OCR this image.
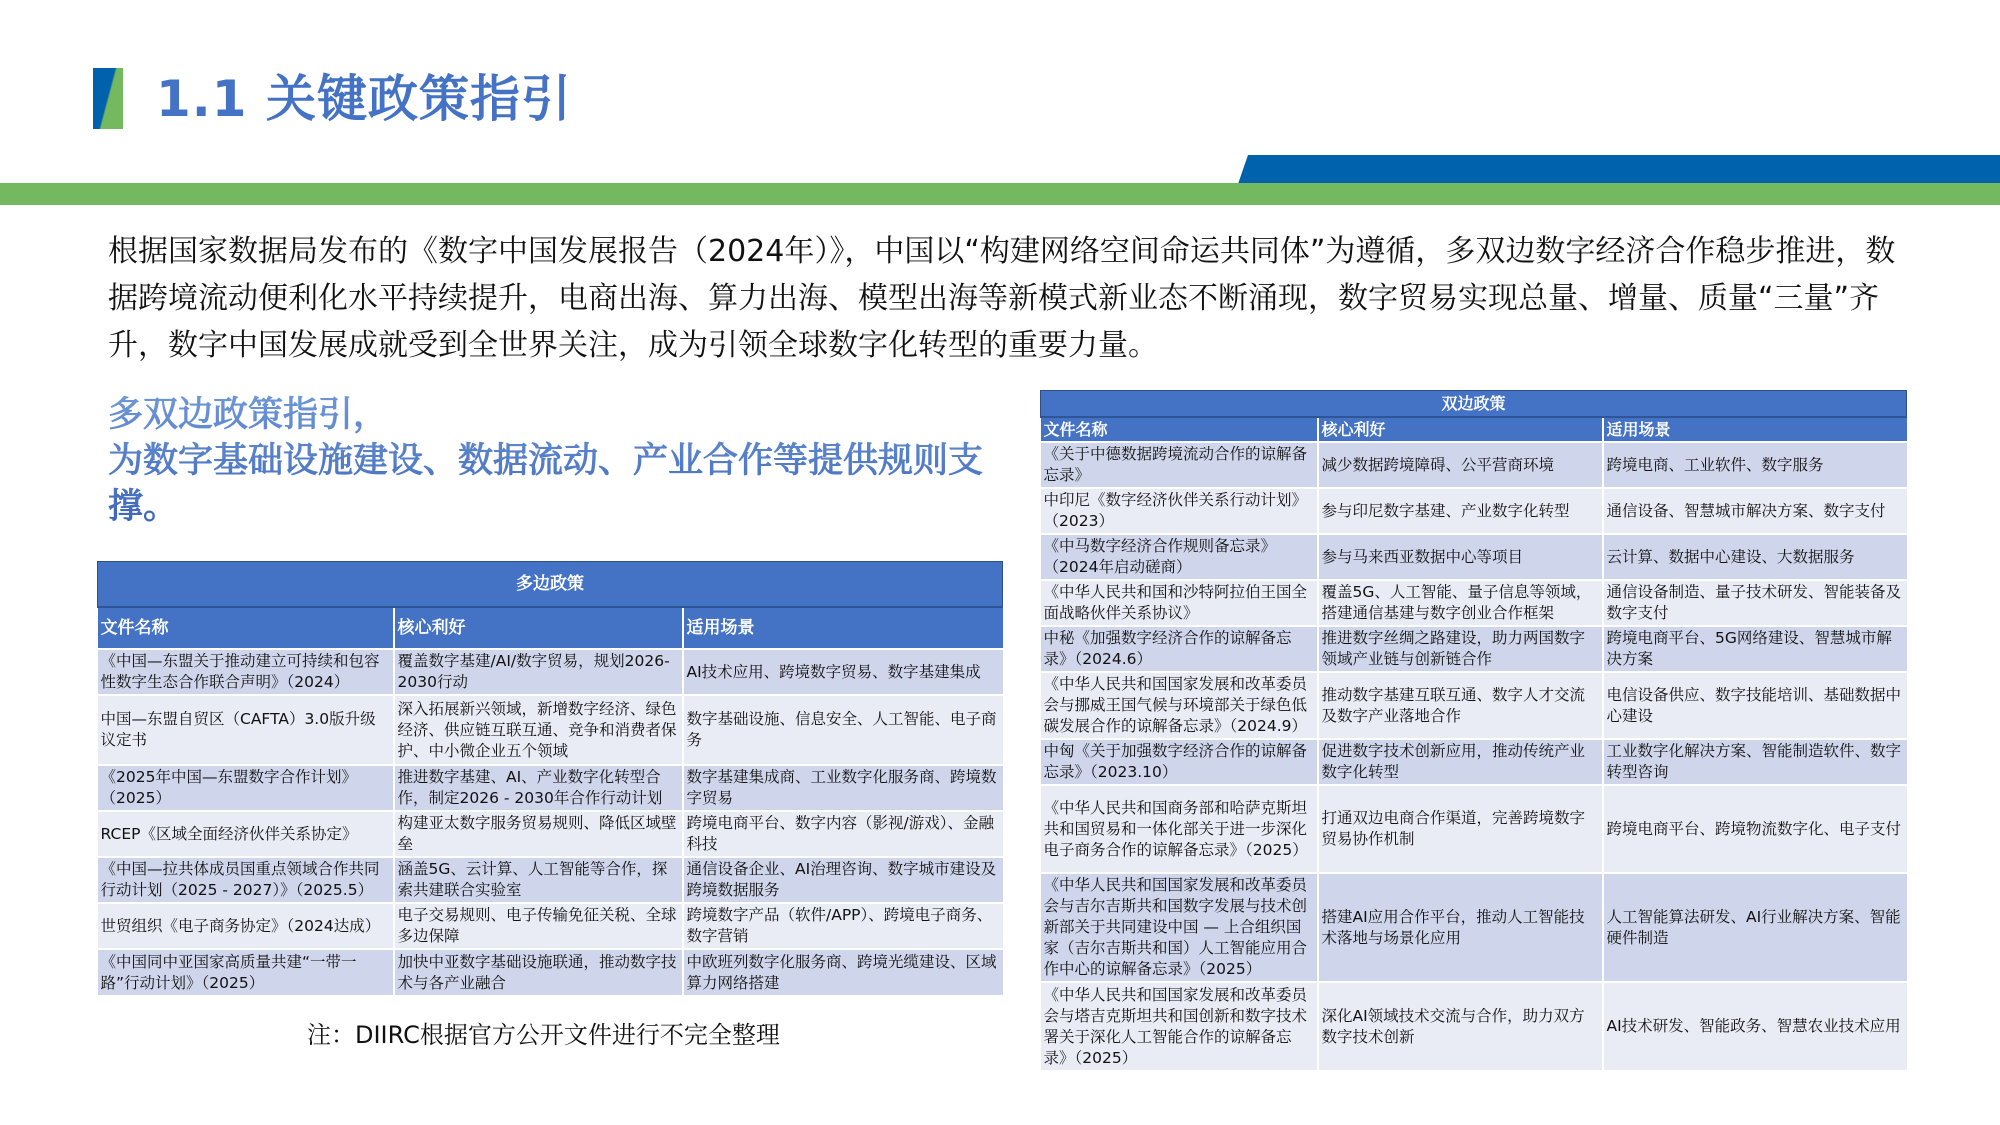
1.1 关键政策指引
根据国家数据局发布的《数字中国发展报告（2024年）》，中国以“构建网络空间命运共同体”为遵循，多双边数字经济合作稳步推进，数据跨境流动便利化水平持续提升，电商出海、算力出海、模型出海等新模式新业态不断涌现，数字贸易实现总量、增量、质量“三量”齐升，数字中国发展成就受到全世界关注，成为引领全球数字化转型的重要力量。
多双边政策指引，
为数字基础设施建设、数据流动、产业合作等提供规则支撑。
多边政策		
文件名称	核心利好	适用场景
《中国—东盟关于推动建立可持续和包容性数字生态合作联合声明》（2024）	覆盖数字基建/AI/数字贸易，规划2026-2030行动	AI技术应用、跨境数字贸易、数字基建集成
中国—东盟自贸区（CAFTA）3.0版升级议定书	深入拓展新兴领域，新增数字经济、绿色经济、供应链互联互通、竞争和消费者保护、中小微企业五个领域	数字基础设施、信息安全、人工智能、电子商务
《2025年中国—东盟数字合作计划》（2025）	推进数字基建、AI、产业数字化转型合作，制定2026 - 2030年合作行动计划	数字基建集成商、工业数字化服务商、跨境数字贸易
RCEP《区域全面经济伙伴关系协定》	构建亚太数字服务贸易规则、降低区域壁垒	跨境电商平台、数字内容（影视/游戏）、金融科技
《中国—拉共体成员国重点领域合作共同行动计划（2025 - 2027）》（2025.5）	涵盖5G、云计算、人工智能等合作，探索共建联合实验室	通信设备企业、AI治理咨询、数字城市建设及跨境数据服务
世贸组织《电子商务协定》（2024达成）	电子交易规则、电子传输免征关税、全球多边保障	跨境数字产品（软件/APP）、跨境电子商务、数字营销
《中国同中亚国家高质量共建“一带一路”行动计划》（2025）	加快中亚数字基础设施联通，推动数字技术与各产业融合	中欧班列数字化服务商、跨境光缆建设、区域算力网络搭建
双边政策		
文件名称	核心利好	适用场景
《关于中德数据跨境流动合作的谅解备忘录》	减少数据跨境障碍、公平营商环境	跨境电商、工业软件、数字服务
中印尼《数字经济伙伴关系行动计划》（2023）	参与印尼数字基建、产业数字化转型	通信设备、智慧城市解决方案、数字支付
《中马数字经济合作规则备忘录》（2024年启动磋商）	参与马来西亚数据中心等项目	云计算、数据中心建设、大数据服务
《中华人民共和国和沙特阿拉伯王国全面战略伙伴关系协议》	覆盖5G、人工智能、量子信息等领域，搭建通信基建与数字创业合作框架	通信设备制造、量子技术研发、智能装备及数字支付
中秘《加强数字经济合作的谅解备忘录》（2024.6）	推进数字丝绸之路建设，助力两国数字领域产业链与创新链合作	跨境电商平台、5G网络建设、智慧城市解决方案
《中华人民共和国国家发展和改革委员会与挪威王国气候与环境部关于绿色低碳发展合作的谅解备忘录》（2024.9）	推动数字基建互联互通、数字人才交流及数字产业落地合作	电信设备供应、数字技能培训、基础数据中心建设
中匈《关于加强数字经济合作的谅解备忘录》（2023.10）	促进数字技术创新应用，推动传统产业数字化转型	工业数字化解决方案、智能制造软件、数字转型咨询
《中华人民共和国商务部和哈萨克斯坦共和国贸易和一体化部关于进一步深化电子商务合作的谅解备忘录》（2025）	打通双边电商合作渠道，完善跨境数字贸易协作机制	跨境电商平台、跨境物流数字化、电子支付
《中华人民共和国国家发展和改革委员会与吉尔吉斯共和国数字发展与技术创新部关于共同建设中国 — 上合组织国家（吉尔吉斯共和国）人工智能应用合作中心的谅解备忘录》（2025）	搭建AI应用合作平台，推动人工智能技术落地与场景化应用	人工智能算法研发、AI行业解决方案、智能硬件制造
《中华人民共和国国家发展和改革委员会与塔吉克斯坦共和国创新和数字技术署关于深化人工智能合作的谅解备忘录》（2025）	深化AI领域技术交流与合作，助力双方数字技术创新	AI技术研发、智能政务、智慧农业技术应用
注：DIIRC根据官方公开文件进行不完全整理
